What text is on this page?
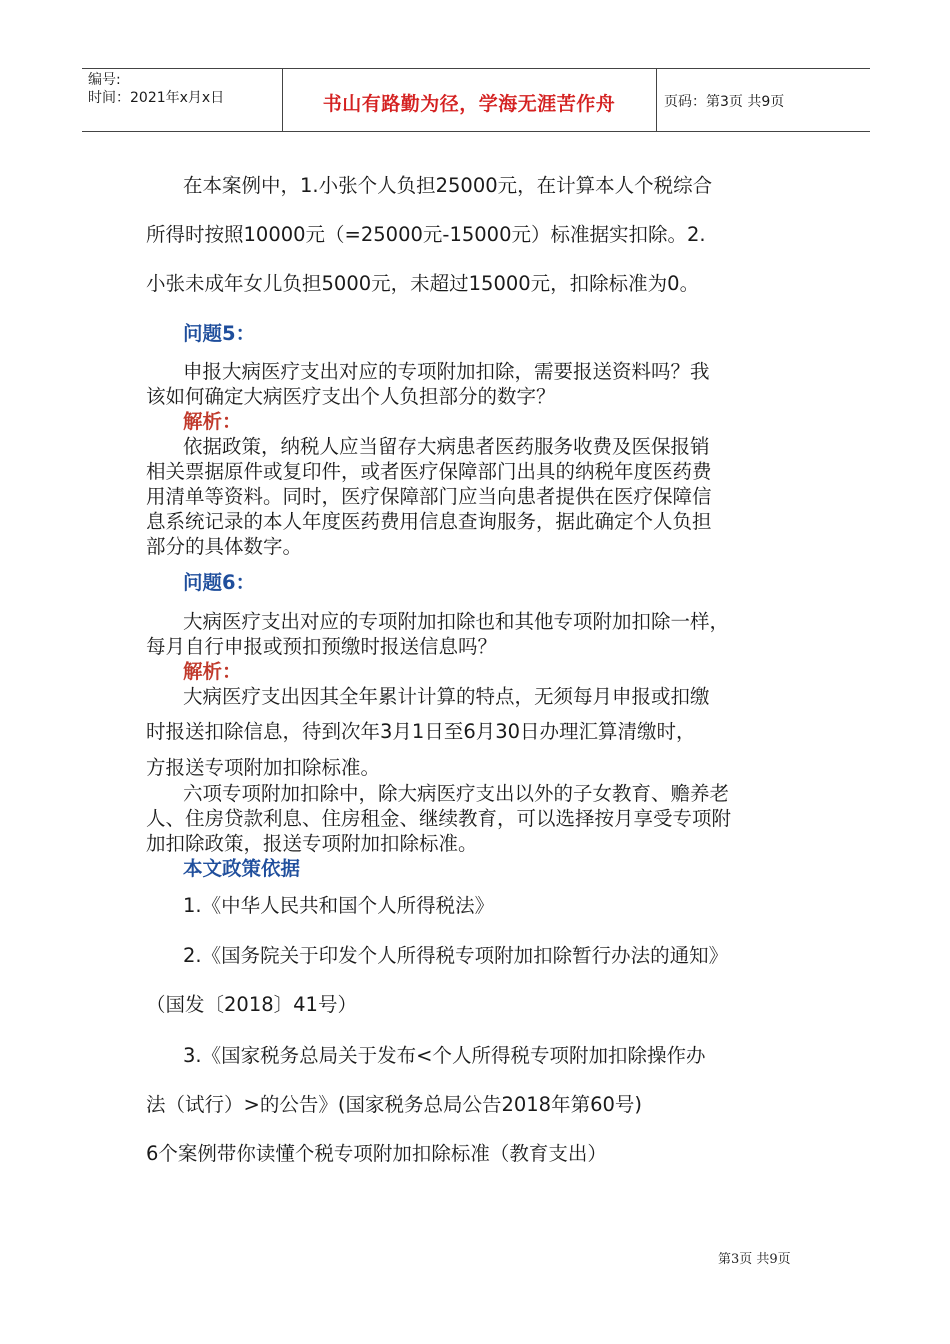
编号:
时间：2021年x月x日	书山有路勤为径，学海无涯苦作舟	页码：第3页 共9页
在本案例中，1.小张个人负担25000元，在计算本人个税综合
所得时按照10000元（=25000元-15000元）标准据实扣除。2.
小张未成年女儿负担5000元，未超过15000元，扣除标准为0。
问题5：
申报大病医疗支出对应的专项附加扣除，需要报送资料吗？我
该如何确定大病医疗支出个人负担部分的数字？
解析：
依据政策，纳税人应当留存大病患者医药服务收费及医保报销
相关票据原件或复印件，或者医疗保障部门出具的纳税年度医药费
用清单等资料。同时，医疗保障部门应当向患者提供在医疗保障信
息系统记录的本人年度医药费用信息查询服务，据此确定个人负担
部分的具体数字。
问题6：
大病医疗支出对应的专项附加扣除也和其他专项附加扣除一样，
每月自行申报或预扣预缴时报送信息吗？
解析：
大病医疗支出因其全年累计计算的特点，无须每月申报或扣缴
时报送扣除信息，待到次年3月1日至6月30日办理汇算清缴时，
方报送专项附加扣除标准。
六项专项附加扣除中，除大病医疗支出以外的子女教育、赡养老
人、住房贷款利息、住房租金、继续教育，可以选择按月享受专项附
加扣除政策，报送专项附加扣除标准。
本文政策依据
1.《中华人民共和国个人所得税法》
2.《国务院关于印发个人所得税专项附加扣除暂行办法的通知》
（国发〔2018〕41号）
3.《国家税务总局关于发布<个人所得税专项附加扣除操作办
法（试行）>的公告》(国家税务总局公告2018年第60号)
6个案例带你读懂个税专项附加扣除标准（教育支出）
第3页 共9页
